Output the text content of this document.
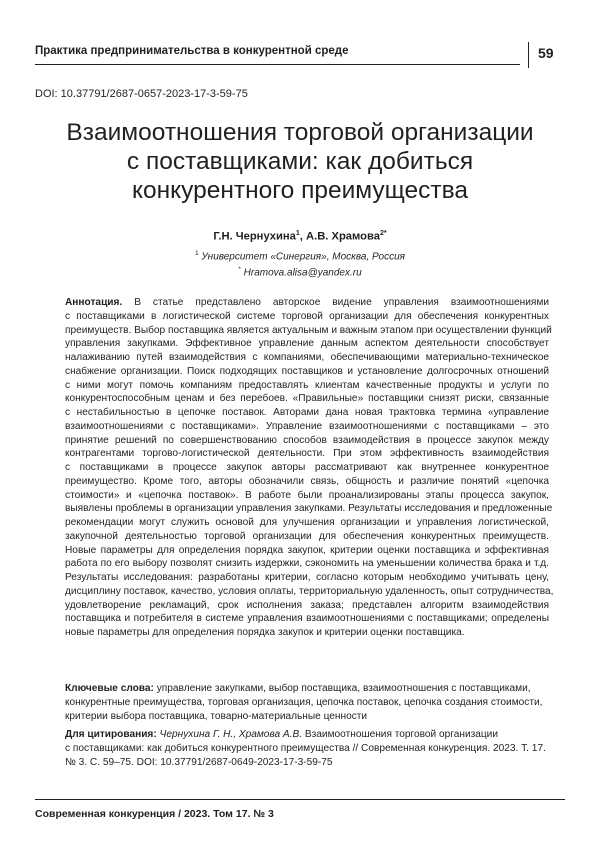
Практика предпринимательства в конкурентной среде	59
DOI: 10.37791/2687-0657-2023-17-3-59-75
Взаимоотношения торговой организации
с поставщиками: как добиться
конкурентного преимущества
Г.Н. Чернухина$^1$, А.В. Храмова$^{2*}$
$^1$ Университет «Синергия», Москва, Россия
* Hramova.alisa@yandex.ru
Аннотация. В статье представлено авторское видение управления взаимоотношениями
с поставщиками в логистической системе торговой организации для обеспечения конкурентных
преимуществ. Выбор поставщика является актуальным и важным этапом при осуществлении функций
управления закупками. Эффективное управление данным аспектом деятельности способствует
налаживанию путей взаимодействия с компаниями, обеспечивающими материально-техническое
снабжение организации. Поиск подходящих поставщиков и установление долгосрочных отношений
с ними могут помочь компаниям предоставлять клиентам качественные продукты и услуги по
конкурентоспособным ценам и без перебоев. «Правильные» поставщики снизят риски, связанные
с нестабильностью в цепочке поставок. Авторами дана новая трактовка термина «управление
взаимоотношениями с поставщиками». Управление взаимоотношениями с поставщиками – это
принятие решений по совершенствованию способов взаимодействия в процессе закупок между
контрагентами торгово-логистической деятельности. При этом эффективность взаимодействия
с поставщиками в процессе закупок авторы рассматривают как внутреннее конкурентное
преимущество. Кроме того, авторы обозначили связь, общность и различие понятий «цепочка
стоимости» и «цепочка поставок». В работе были проанализированы этапы процесса закупок,
выявлены проблемы в организации управления закупками. Результаты исследования и предложенные
рекомендации могут служить основой для улучшения организации и управления логистической,
закупочной деятельностью торговой организации для обеспечения конкурентных преимуществ.
Новые параметры для определения порядка закупок, критерии оценки поставщика и эффективная
работа по его выбору позволят снизить издержки, сэкономить на уменьшении количества брака и т.д.
Результаты исследования: разработаны критерии, согласно которым необходимо учитывать цену,
дисциплину поставок, качество, условия оплаты, территориальную удаленность, опыт сотрудничества,
удовлетворение рекламаций, срок исполнения заказа; представлен алгоритм взаимодействия
поставщика и потребителя в системе управления взаимоотношениями с поставщиками; определены
новые параметры для определения порядка закупок и критерии оценки поставщика.
Ключевые слова: управление закупками, выбор поставщика, взаимоотношения с поставщиками,
конкурентные преимущества, торговая организация, цепочка поставок, цепочка создания стоимости,
критерии выбора поставщика, товарно-материальные ценности
Для цитирования: Чернухина Г. Н., Храмова А.В. Взаимоотношения торговой организации
с поставщиками: как добиться конкурентного преимущества // Современная конкуренция. 2023. Т. 17.
№ 3. С. 59–75. DOI: 10.37791/2687-0649-2023-17-3-59-75
Современная конкуренция / 2023. Том 17. № 3
